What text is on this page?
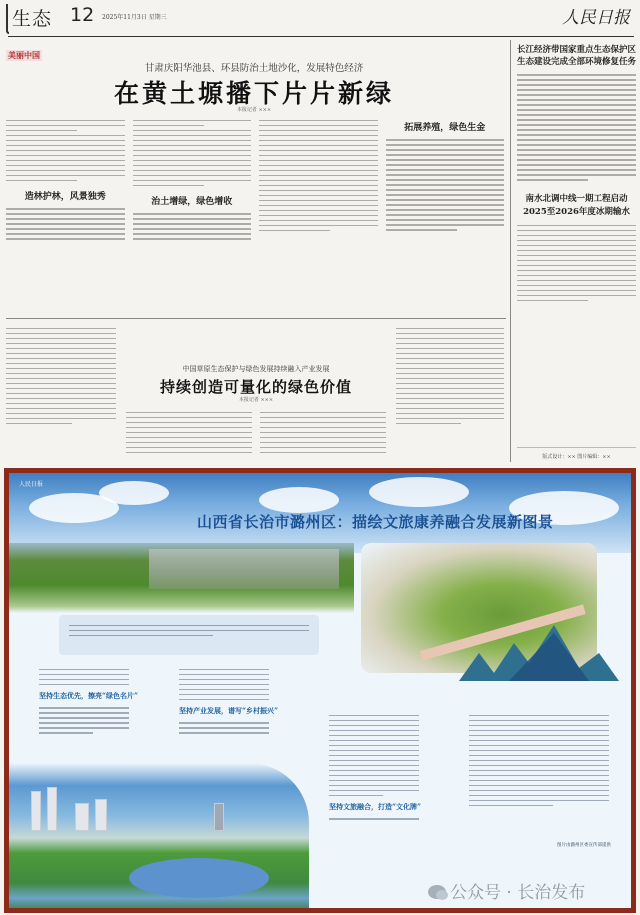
生态 12 2025年11月3日 星期三	人民日报
美丽中国
甘肃庆阳华池县、环县防治土地沙化，发展特色经济
在黄土塬播下片片新绿
本报记者 ×××
造林护林，风景独秀	治土增绿，绿色增收
拓展养殖，绿色生金
中国草原生态保护与绿色发展持续融入产业发展
持续创造可量化的绿色价值
本报记者 ×××
长江经济带国家重点生态保护区生态建设完成全部环境修复任务
南水北调中线一期工程启动
2025至2026年度冰期输水
版式设计：×× 图片编辑：××
人民日报
山西省长治市潞州区：描绘文旅康养融合发展新图景
坚持生态优先，擦亮“绿色名片”
坚持产业发展，谱写“乡村振兴”
坚持文旅融合，打造“文化牌”
图片由潞州区委宣传部提供
公众号 · 长治发布
